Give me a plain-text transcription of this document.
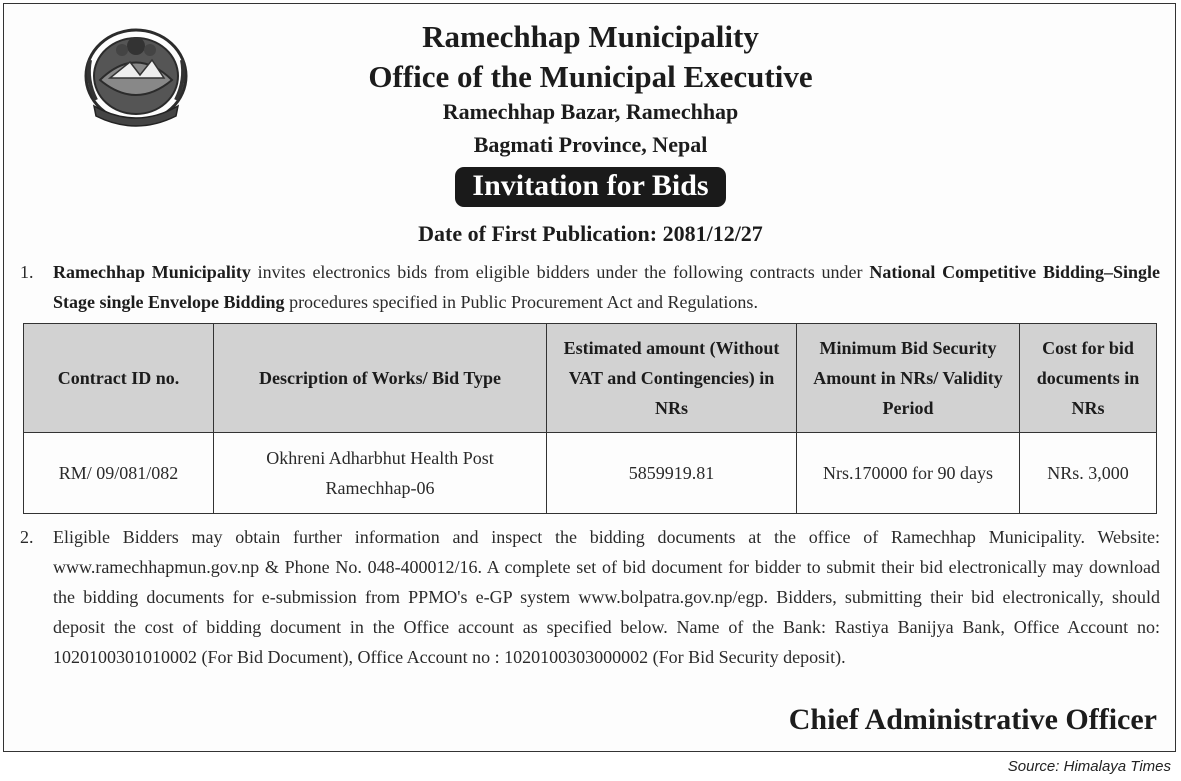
Ramechhap Municipality
Office of the Municipal Executive
Ramechhap Bazar, Ramechhap
Bagmati Province, Nepal
Invitation for Bids
Date of First Publication: 2081/12/27
1. Ramechhap Municipality invites electronics bids from eligible bidders under the following contracts under National Competitive Bidding–Single Stage single Envelope Bidding procedures specified in Public Procurement Act and Regulations.
Contract ID no.	Description of Works/ Bid Type	Estimated amount (Without VAT and Contingencies) in NRs	Minimum Bid Security Amount in NRs/ Validity Period	Cost for bid documents in NRs
RM/ 09/081/082	Okhreni Adharbhut Health Post Ramechhap-06	5859919.81	Nrs.170000 for 90 days	NRs. 3,000
2. Eligible Bidders may obtain further information and inspect the bidding documents at the office of Ramechhap Municipality. Website: www.ramechhapmun.gov.np & Phone No. 048-400012/16. A complete set of bid document for bidder to submit their bid electronically may download the bidding documents for e-submission from PPMO's e-GP system www.bolpatra.gov.np/egp. Bidders, submitting their bid electronically, should deposit the cost of bidding document in the Office account as specified below. Name of the Bank: Rastiya Banijya Bank, Office Account no: 1020100301010002 (For Bid Document), Office Account no : 1020100303000002 (For Bid Security deposit).
Chief Administrative Officer
Source: Himalaya Times
